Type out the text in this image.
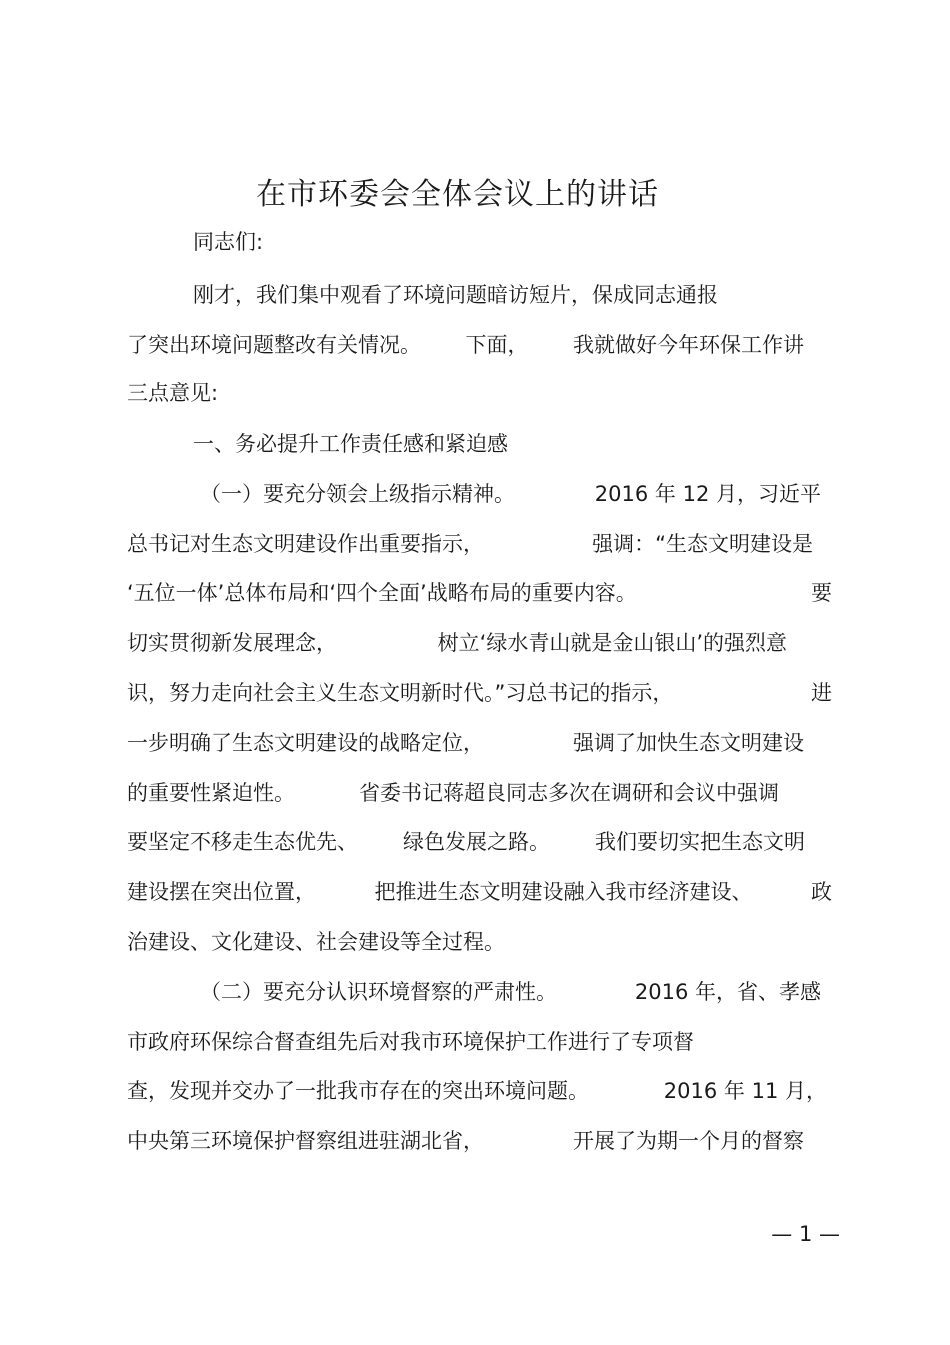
在市环委会全体会议上的讲话
同志们:
刚才，我们集中观看了环境问题暗访短片，保成同志通报
了突出环境问题整改有关情况。 下面， 我就做好今年环保工作讲
三点意见:
一、务必提升工作责任感和紧迫感
（一）要充分领会上级指示精神。	2016 年 12 月，习近平
总书记对生态文明建设作出重要指示，	强调：“生态文明建设是
‘五位一体’总体布局和‘四个全面’战略布局的重要内容。	要
切实贯彻新发展理念，	树立‘绿水青山就是金山银山’的强烈意
识，努力走向社会主义生态文明新时代。”习总书记的指示，	进
一步明确了生态文明建设的战略定位，	强调了加快生态文明建设
的重要性紧迫性。	省委书记蒋超良同志多次在调研和会议中强调
要坚定不移走生态优先、 绿色发展之路。 我们要切实把生态文明
建设摆在突出位置，	把推进生态文明建设融入我市经济建设、	政
治建设、文化建设、社会建设等全过程。
（二）要充分认识环境督察的严肃性。	2016 年，省、孝感
市政府环保综合督查组先后对我市环境保护工作进行了专项督
查，发现并交办了一批我市存在的突出环境问题。	2016 年 11 月，
中央第三环境保护督察组进驻湖北省，	开展了为期一个月的督察
— 1 —
